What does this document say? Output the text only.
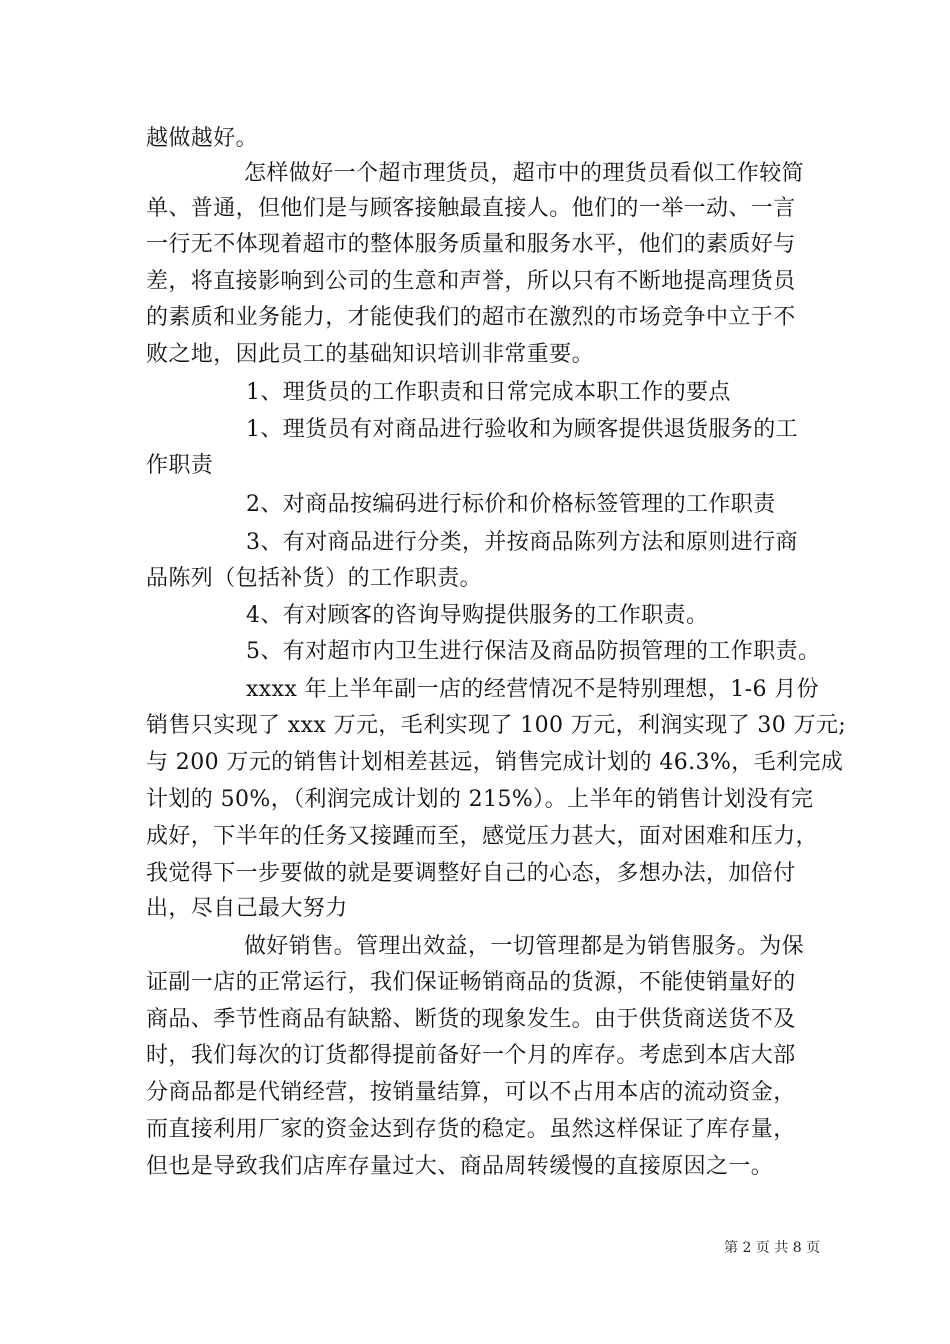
越做越好。
怎样做好一个超市理货员，超市中的理货员看似工作较简
单、普通，但他们是与顾客接触最直接人。他们的一举一动、一言
一行无不体现着超市的整体服务质量和服务水平，他们的素质好与
差，将直接影响到公司的生意和声誉，所以只有不断地提高理货员
的素质和业务能力，才能使我们的超市在激烈的市场竞争中立于不
败之地，因此员工的基础知识培训非常重要。
1、理货员的工作职责和日常完成本职工作的要点
1、理货员有对商品进行验收和为顾客提供退货服务的工
作职责
2、对商品按编码进行标价和价格标签管理的工作职责
3、有对商品进行分类，并按商品陈列方法和原则进行商
品陈列（包括补货）的工作职责。
4、有对顾客的咨询导购提供服务的工作职责。
5、有对超市内卫生进行保洁及商品防损管理的工作职责。
xxxx 年上半年副一店的经营情况不是特别理想，1-6 月份
销售只实现了 xxx 万元，毛利实现了 100 万元，利润实现了 30 万元;
与 200 万元的销售计划相差甚远，销售完成计划的 46.3%，毛利完成
计划的 50%，（利润完成计划的 215%）。上半年的销售计划没有完
成好，下半年的任务又接踵而至，感觉压力甚大，面对困难和压力，
我觉得下一步要做的就是要调整好自己的心态，多想办法，加倍付
出，尽自己最大努力
做好销售。管理出效益，一切管理都是为销售服务。为保
证副一店的正常运行，我们保证畅销商品的货源，不能使销量好的
商品、季节性商品有缺豁、断货的现象发生。由于供货商送货不及
时，我们每次的订货都得提前备好一个月的库存。考虑到本店大部
分商品都是代销经营，按销量结算，可以不占用本店的流动资金，
而直接利用厂家的资金达到存货的稳定。虽然这样保证了库存量，
但也是导致我们店库存量过大、商品周转缓慢的直接原因之一。
第 2 页 共 8 页
